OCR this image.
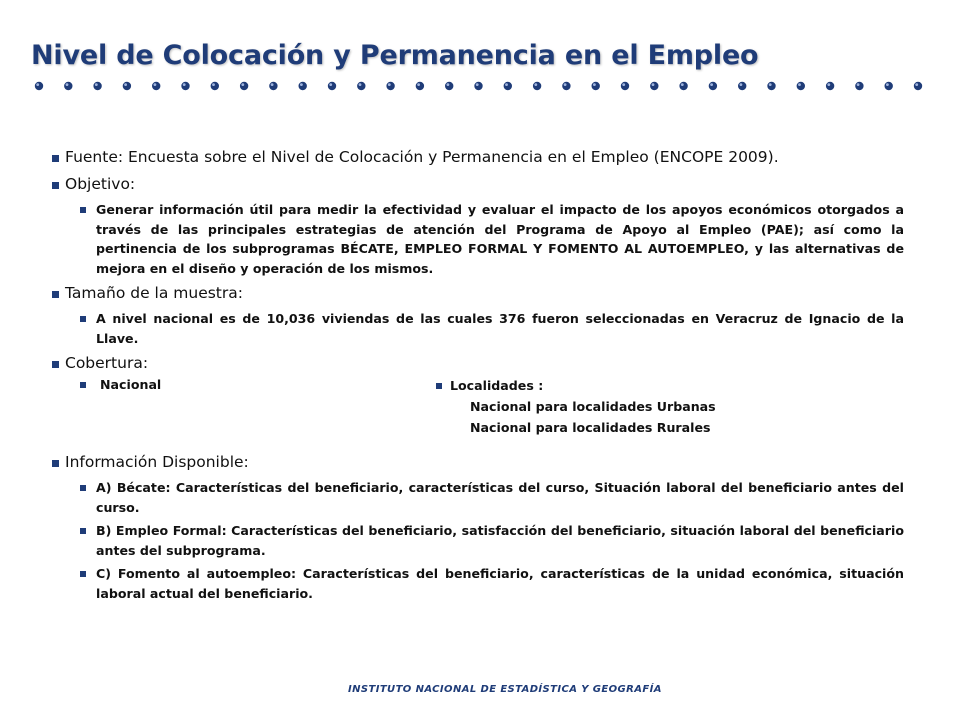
Nivel de Colocación y Permanencia en el Empleo
Fuente: Encuesta sobre el Nivel de Colocación y Permanencia en el Empleo (ENCOPE 2009).
Objetivo:
Generar información útil para medir la efectividad y evaluar el impacto de los apoyos económicos otorgados a través de las principales estrategias de atención del Programa de Apoyo al Empleo (PAE); así como la pertinencia de los subprogramas BÉCATE, EMPLEO FORMAL Y FOMENTO AL AUTOEMPLEO, y las alternativas de mejora en el diseño y operación de los mismos.
Tamaño de la muestra:
A nivel nacional es de 10,036 viviendas de las cuales 376 fueron seleccionadas en Veracruz de Ignacio de la Llave.
Cobertura:
Nacional	Localidades :
Nacional para localidades Urbanas
Nacional para localidades Rurales
Información Disponible:
A) Bécate: Características del beneficiario, características del curso, Situación laboral del beneficiario antes del curso.
B) Empleo Formal: Características del beneficiario, satisfacción del beneficiario, situación laboral del beneficiario antes del subprograma.
C) Fomento al autoempleo: Características del beneficiario, características de la unidad económica, situación laboral actual del beneficiario.
INSTITUTO NACIONAL DE ESTADÍSTICA Y GEOGRAFÍA
